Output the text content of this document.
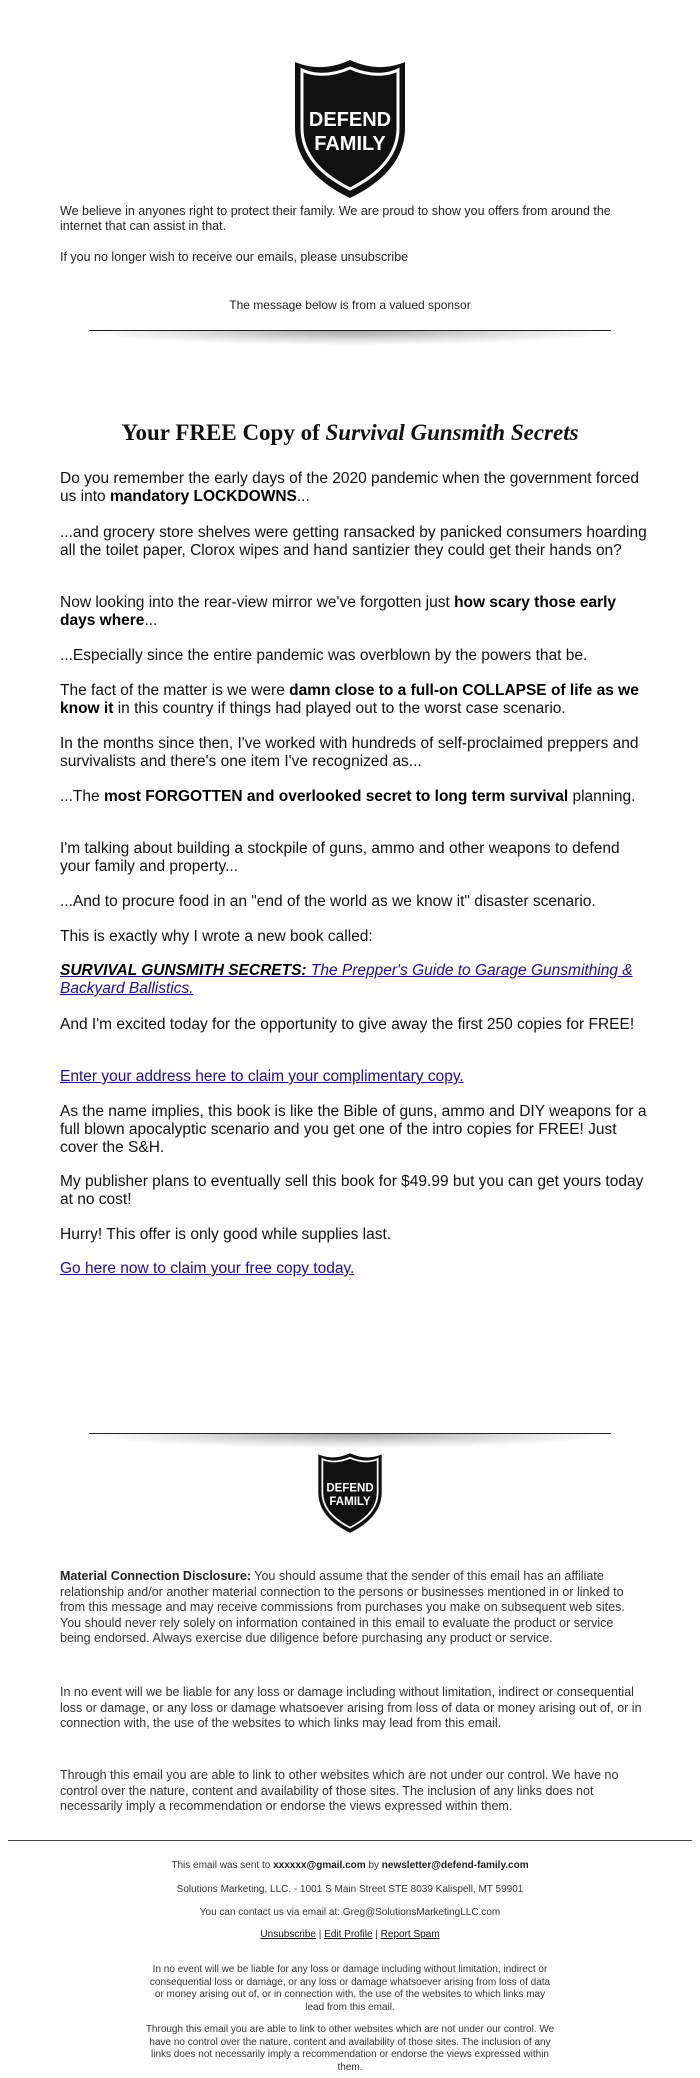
DEFEND
FAMILY
We believe in anyones right to protect their family. We are proud to show you offers from around the internet that can assist in that.
If you no longer wish to receive our emails, please unsubscribe
The message below is from a valued sponsor
Your FREE Copy of Survival Gunsmith Secrets
Do you remember the early days of the 2020 pandemic when the government forced us into mandatory LOCKDOWNS...
...and grocery store shelves were getting ransacked by panicked consumers hoarding all the toilet paper, Clorox wipes and hand santizier they could get their hands on?
Now looking into the rear-view mirror we've forgotten just how scary those early days where...
...Especially since the entire pandemic was overblown by the powers that be.
The fact of the matter is we were damn close to a full-on COLLAPSE of life as we know it in this country if things had played out to the worst case scenario.
In the months since then, I've worked with hundreds of self-proclaimed preppers and survivalists and there's one item I've recognized as...
...The most FORGOTTEN and overlooked secret to long term survival planning.
I'm talking about building a stockpile of guns, ammo and other weapons to defend your family and property...
...And to procure food in an "end of the world as we know it" disaster scenario.
This is exactly why I wrote a new book called:
SURVIVAL GUNSMITH SECRETS: The Prepper's Guide to Garage Gunsmithing & Backyard Ballistics.
And I'm excited today for the opportunity to give away the first 250 copies for FREE!
Enter your address here to claim your complimentary copy.
As the name implies, this book is like the Bible of guns, ammo and DIY weapons for a full blown apocalyptic scenario and you get one of the intro copies for FREE! Just cover the S&H.
My publisher plans to eventually sell this book for $49.99 but you can get yours today at no cost!
Hurry! This offer is only good while supplies last.
Go here now to claim your free copy today.
DEFEND
FAMILY
Material Connection Disclosure: You should assume that the sender of this email has an affiliate relationship and/or another material connection to the persons or businesses mentioned in or linked to from this message and may receive commissions from purchases you make on subsequent web sites. You should never rely solely on information contained in this email to evaluate the product or service being endorsed. Always exercise due diligence before purchasing any product or service.
In no event will we be liable for any loss or damage including without limitation, indirect or consequential loss or damage, or any loss or damage whatsoever arising from loss of data or money arising out of, or in connection with, the use of the websites to which links may lead from this email.
Through this email you are able to link to other websites which are not under our control. We have no control over the nature, content and availability of those sites. The inclusion of any links does not necessarily imply a recommendation or endorse the views expressed within them.
This email was sent to xxxxxx@gmail.com by newsletter@defend-family.com
Solutions Marketing, LLC. - 1001 S Main Street STE 8039 Kalispell, MT 59901
You can contact us via email at: Greg@SolutionsMarketingLLC.com
Unsubscribe | Edit Profile | Report Spam
In no event will we be liable for any loss or damage including without limitation, indirect or consequential loss or damage, or any loss or damage whatsoever arising from loss of data or money arising out of, or in connection with, the use of the websites to which links may lead from this email.
Through this email you are able to link to other websites which are not under our control. We have no control over the nature, content and availability of those sites. The inclusion of any links does not necessarily imply a recommendation or endorse the views expressed within them.
